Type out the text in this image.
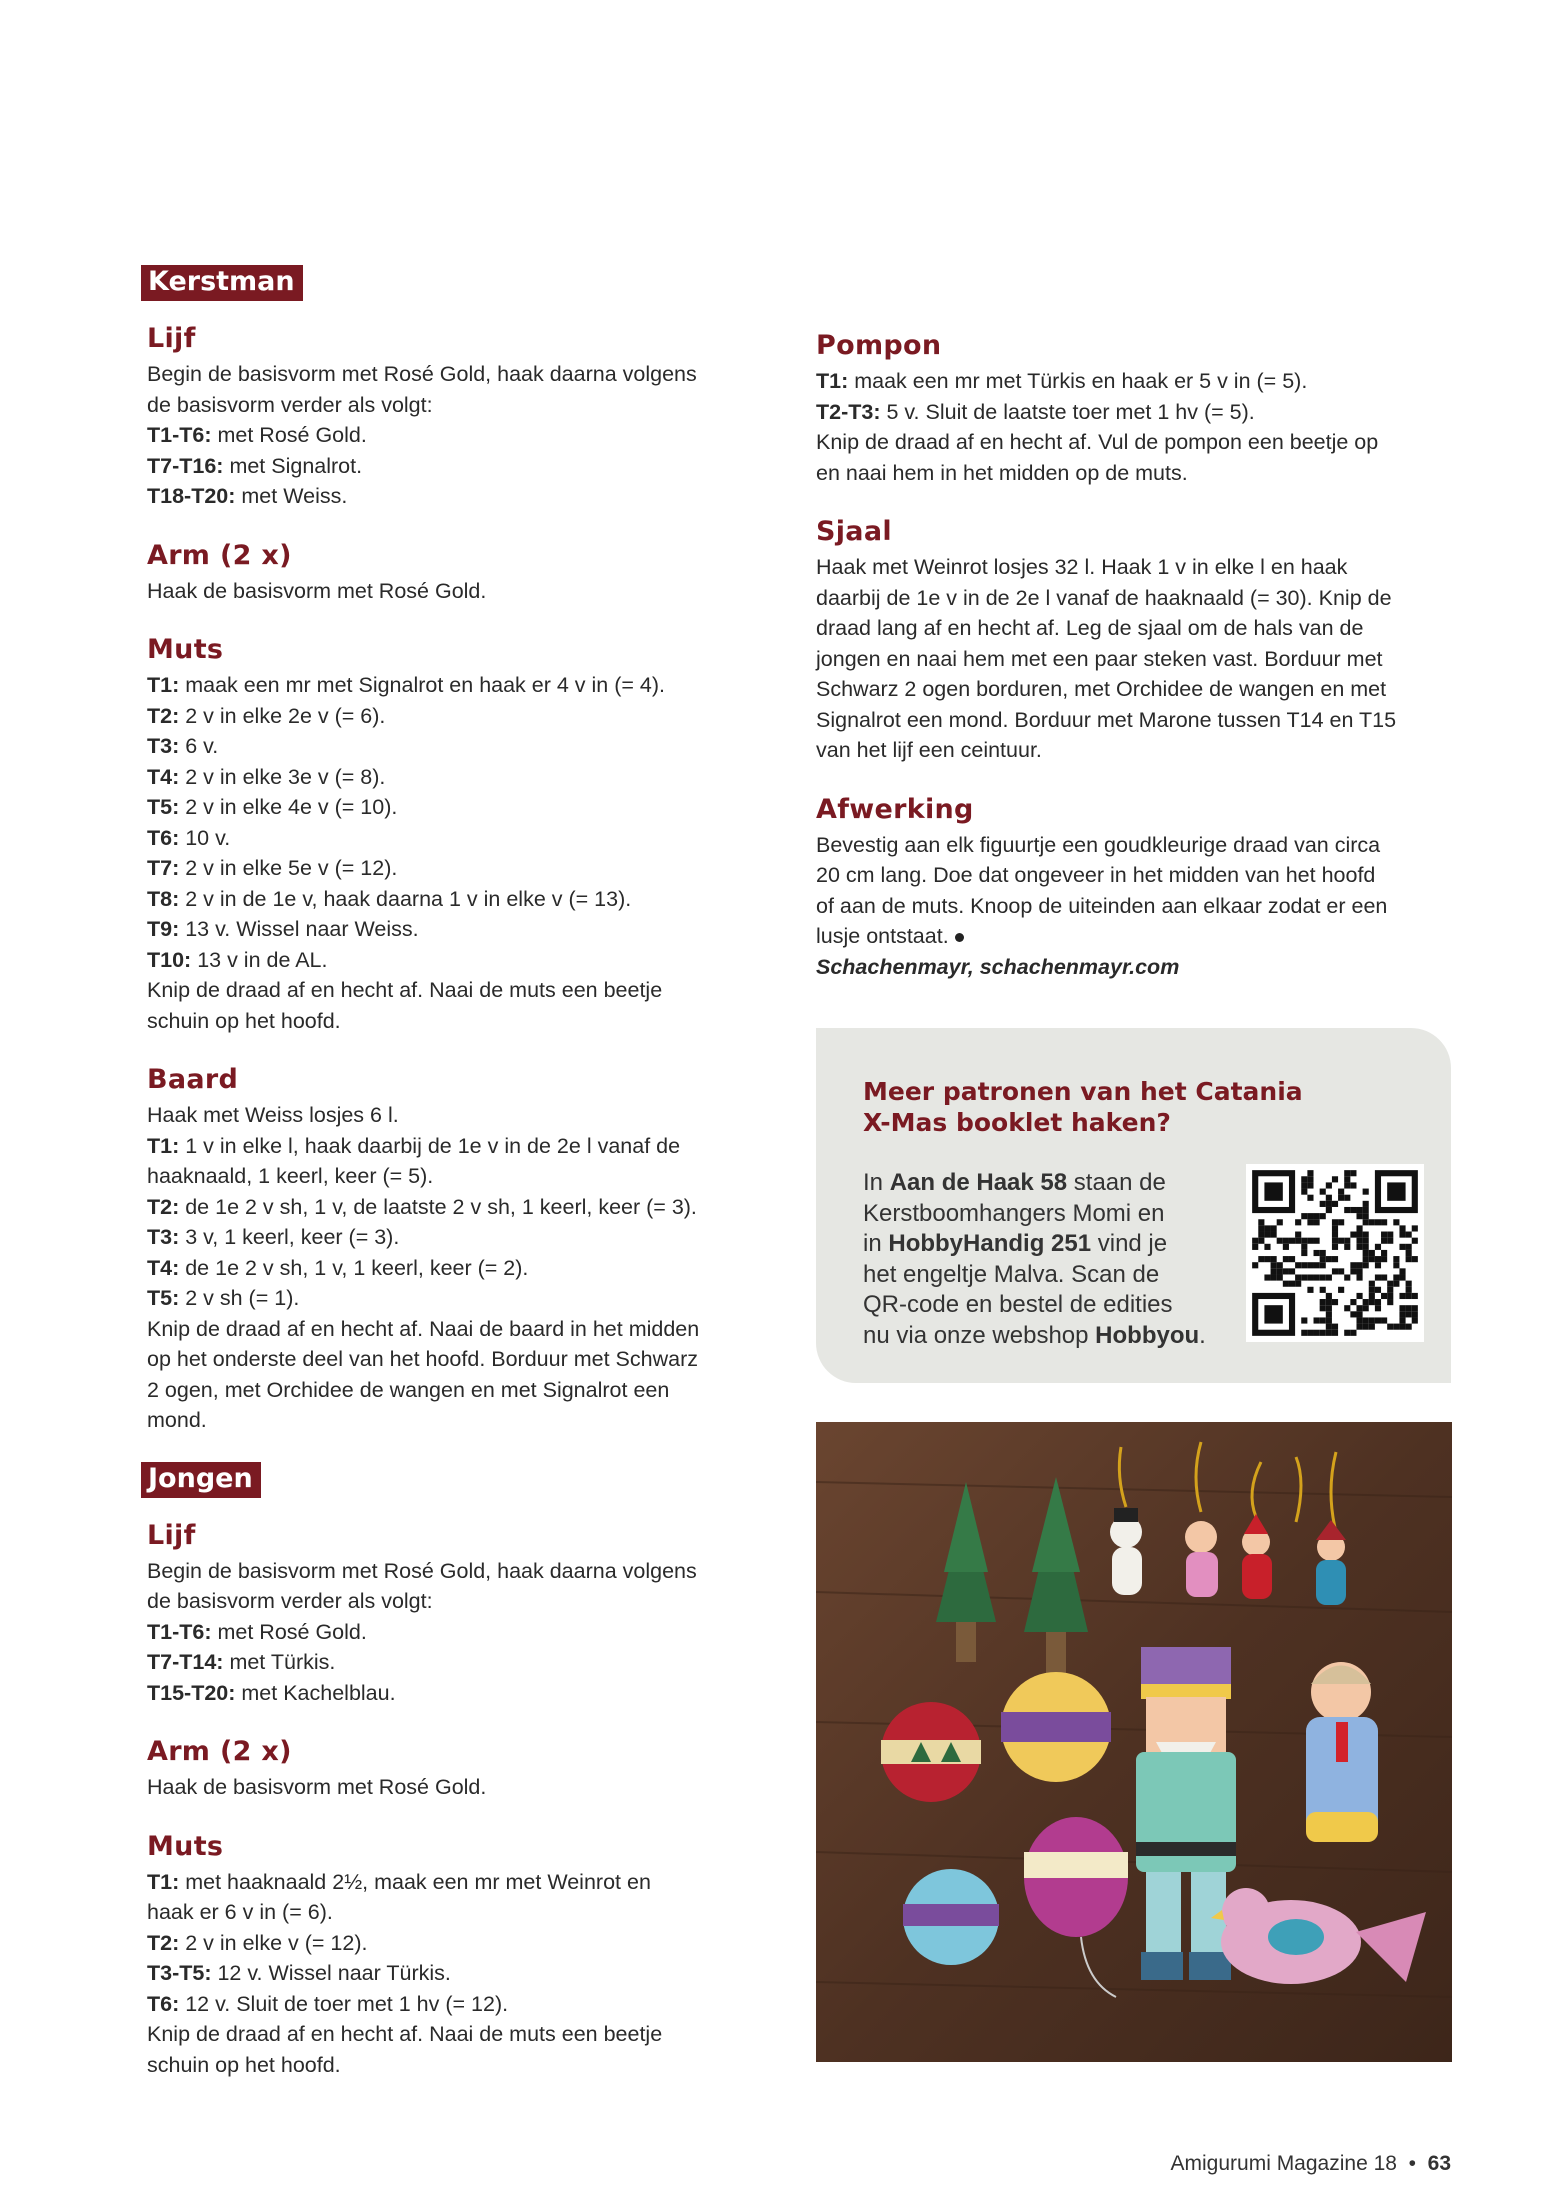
Kerstman
Lijf

Begin de basisvorm met Rosé Gold, haak daarna volgens

de basisvorm verder als volgt:

T1-T6: met Rosé Gold.

T7-T16: met Signalrot.

T18-T20: met Weiss.

Arm (2 x)

Haak de basisvorm met Rosé Gold.

Muts

T1: maak een mr met Signalrot en haak er 4 v in (= 4).

T2: 2 v in elke 2e v (= 6).

T3: 6 v.

T4: 2 v in elke 3e v (= 8).

T5: 2 v in elke 4e v (= 10).

T6: 10 v.

T7: 2 v in elke 5e v (= 12).

T8: 2 v in de 1e v, haak daarna 1 v in elke v (= 13).

T9: 13 v. Wissel naar Weiss.

T10: 13 v in de AL.

Knip de draad af en hecht af. Naai de muts een beetje

schuin op het hoofd.

Baard

Haak met Weiss losjes 6 l.

T1: 1 v in elke l, haak daarbij de 1e v in de 2e l vanaf de

haaknaald, 1 keerl, keer (= 5).

T2: de 1e 2 v sh, 1 v, de laatste 2 v sh, 1 keerl, keer (= 3).

T3: 3 v, 1 keerl, keer (= 3).

T4: de 1e 2 v sh, 1 v, 1 keerl, keer (= 2).

T5: 2 v sh (= 1).

Knip de draad af en hecht af. Naai de baard in het midden

op het onderste deel van het hoofd. Borduur met Schwarz

2 ogen, met Orchidee de wangen en met Signalrot een

mond.

Jongen
Lijf

Begin de basisvorm met Rosé Gold, haak daarna volgens

de basisvorm verder als volgt:

T1-T6: met Rosé Gold.

T7-T14: met Türkis.

T15-T20: met Kachelblau.

Arm (2 x)

Haak de basisvorm met Rosé Gold.

Muts

T1: met haaknaald 2½, maak een mr met Weinrot en

haak er 6 v in (= 6).

T2: 2 v in elke v (= 12).

T3-T5: 12 v. Wissel naar Türkis.

T6: 12 v. Sluit de toer met 1 hv (= 12).

Knip de draad af en hecht af. Naai de muts een beetje

schuin op het hoofd.

Pompon

T1: maak een mr met Türkis en haak er 5 v in (= 5).

T2-T3: 5 v. Sluit de laatste toer met 1 hv (= 5).

Knip de draad af en hecht af. Vul de pompon een beetje op

en naai hem in het midden op de muts.

Sjaal

Haak met Weinrot losjes 32 l. Haak 1 v in elke l en haak

daarbij de 1e v in de 2e l vanaf de haaknaald (= 30). Knip de

draad lang af en hecht af. Leg de sjaal om de hals van de

jongen en naai hem met een paar steken vast. Borduur met

Schwarz 2 ogen borduren, met Orchidee de wangen en met

Signalrot een mond. Borduur met Marone tussen T14 en T15

van het lijf een ceintuur.

Afwerking

Bevestig aan elk figuurtje een goudkleurige draad van circa

20 cm lang. Doe dat ongeveer in het midden van het hoofd

of aan de muts. Knoop de uiteinden aan elkaar zodat er een

lusje ontstaat.

Schachenmayr, schachenmayr.com

Meer patronen van het Catania
X-Mas booklet haken?
In Aan de Haak 58 staan de
Kerstboomhangers Momi en
in HobbyHandig 251 vind je
het engeltje Malva. Scan de
QR-code en bestel de edities
nu via onze webshop Hobbyou.
Amigurumi Magazine 18 • 63
